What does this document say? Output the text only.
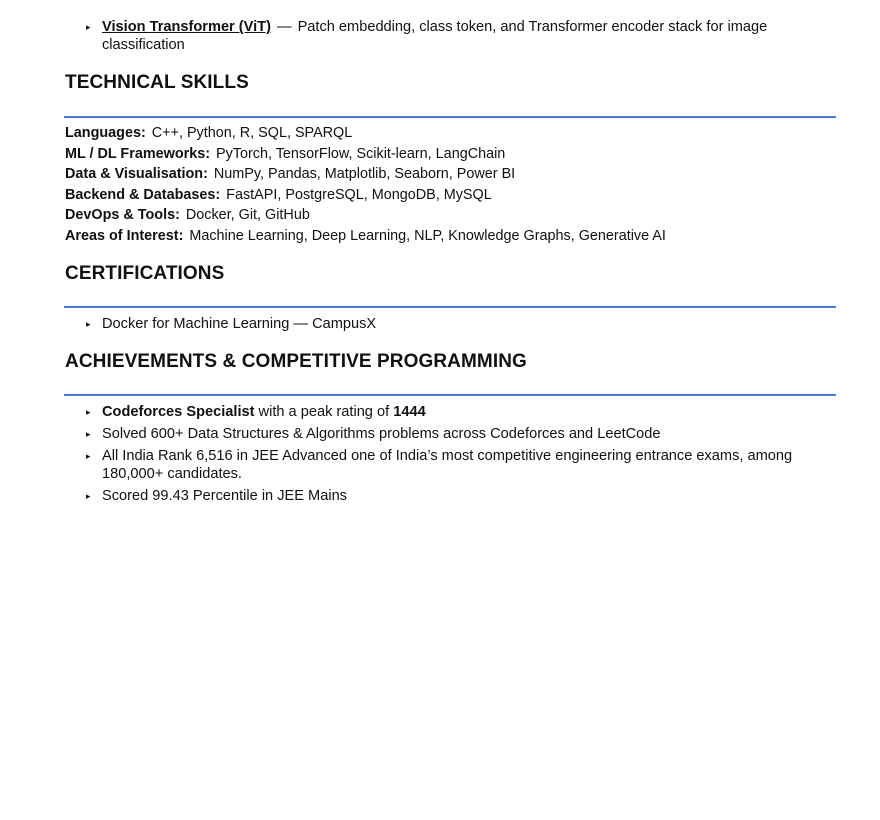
▸ Vision Transformer (ViT) — Patch embedding, class token, and Transformer encoder stack for image
classification
TECHNICAL SKILLS
Languages: C++, Python, R, SQL, SPARQL
ML / DL Frameworks: PyTorch, TensorFlow, Scikit-learn, LangChain
Data & Visualisation: NumPy, Pandas, Matplotlib, Seaborn, Power BI
Backend & Databases: FastAPI, PostgreSQL, MongoDB, MySQL
DevOps & Tools: Docker, Git, GitHub
Areas of Interest: Machine Learning, Deep Learning, NLP, Knowledge Graphs, Generative AI
CERTIFICATIONS
▸ Docker for Machine Learning — CampusX
ACHIEVEMENTS & COMPETITIVE PROGRAMMING
▸ Codeforces Specialist with a peak rating of 1444
▸ Solved 600+ Data Structures & Algorithms problems across Codeforces and LeetCode
▸ All India Rank 6,516 in JEE Advanced one of India’s most competitive engineering entrance exams, among
180,000+ candidates.
▸ Scored 99.43 Percentile in JEE Mains
